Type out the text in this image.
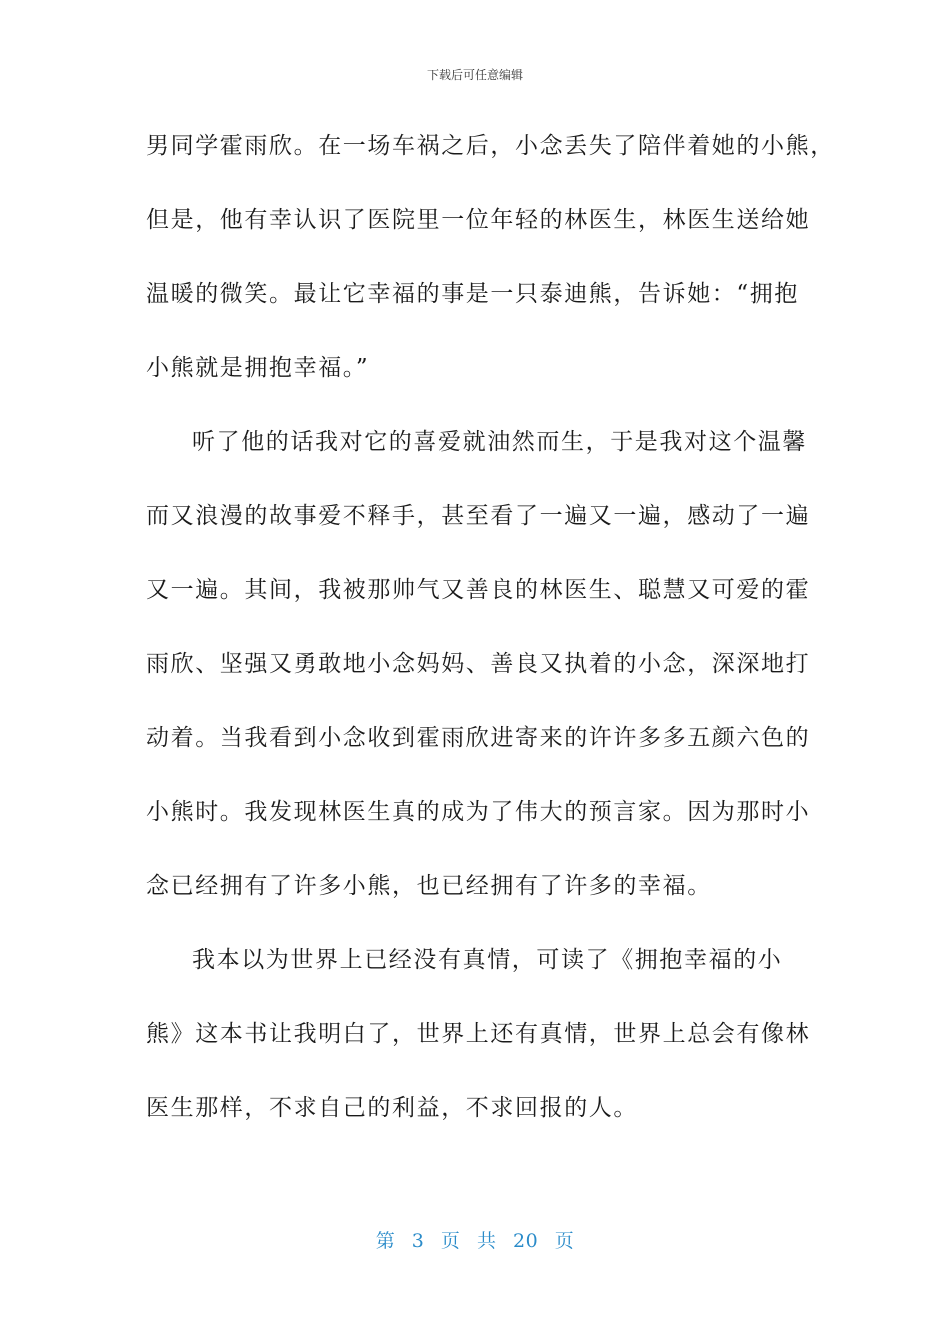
下载后可任意编辑
男同学霍雨欣。在一场车祸之后，小念丢失了陪伴着她的小熊，
但是，他有幸认识了医院里一位年轻的林医生，林医生送给她
温暖的微笑。最让它幸福的事是一只泰迪熊，告诉她：“拥抱
小熊就是拥抱幸福。”
听了他的话我对它的喜爱就油然而生，于是我对这个温馨
而又浪漫的故事爱不释手，甚至看了一遍又一遍，感动了一遍
又一遍。其间，我被那帅气又善良的林医生、聪慧又可爱的霍
雨欣、坚强又勇敢地小念妈妈、善良又执着的小念，深深地打
动着。当我看到小念收到霍雨欣进寄来的许许多多五颜六色的
小熊时。我发现林医生真的成为了伟大的预言家。因为那时小
念已经拥有了许多小熊，也已经拥有了许多的幸福。
我本以为世界上已经没有真情，可读了《拥抱幸福的小
熊》这本书让我明白了，世界上还有真情，世界上总会有像林
医生那样，不求自己的利益，不求回报的人。
第 3 页 共 20 页
